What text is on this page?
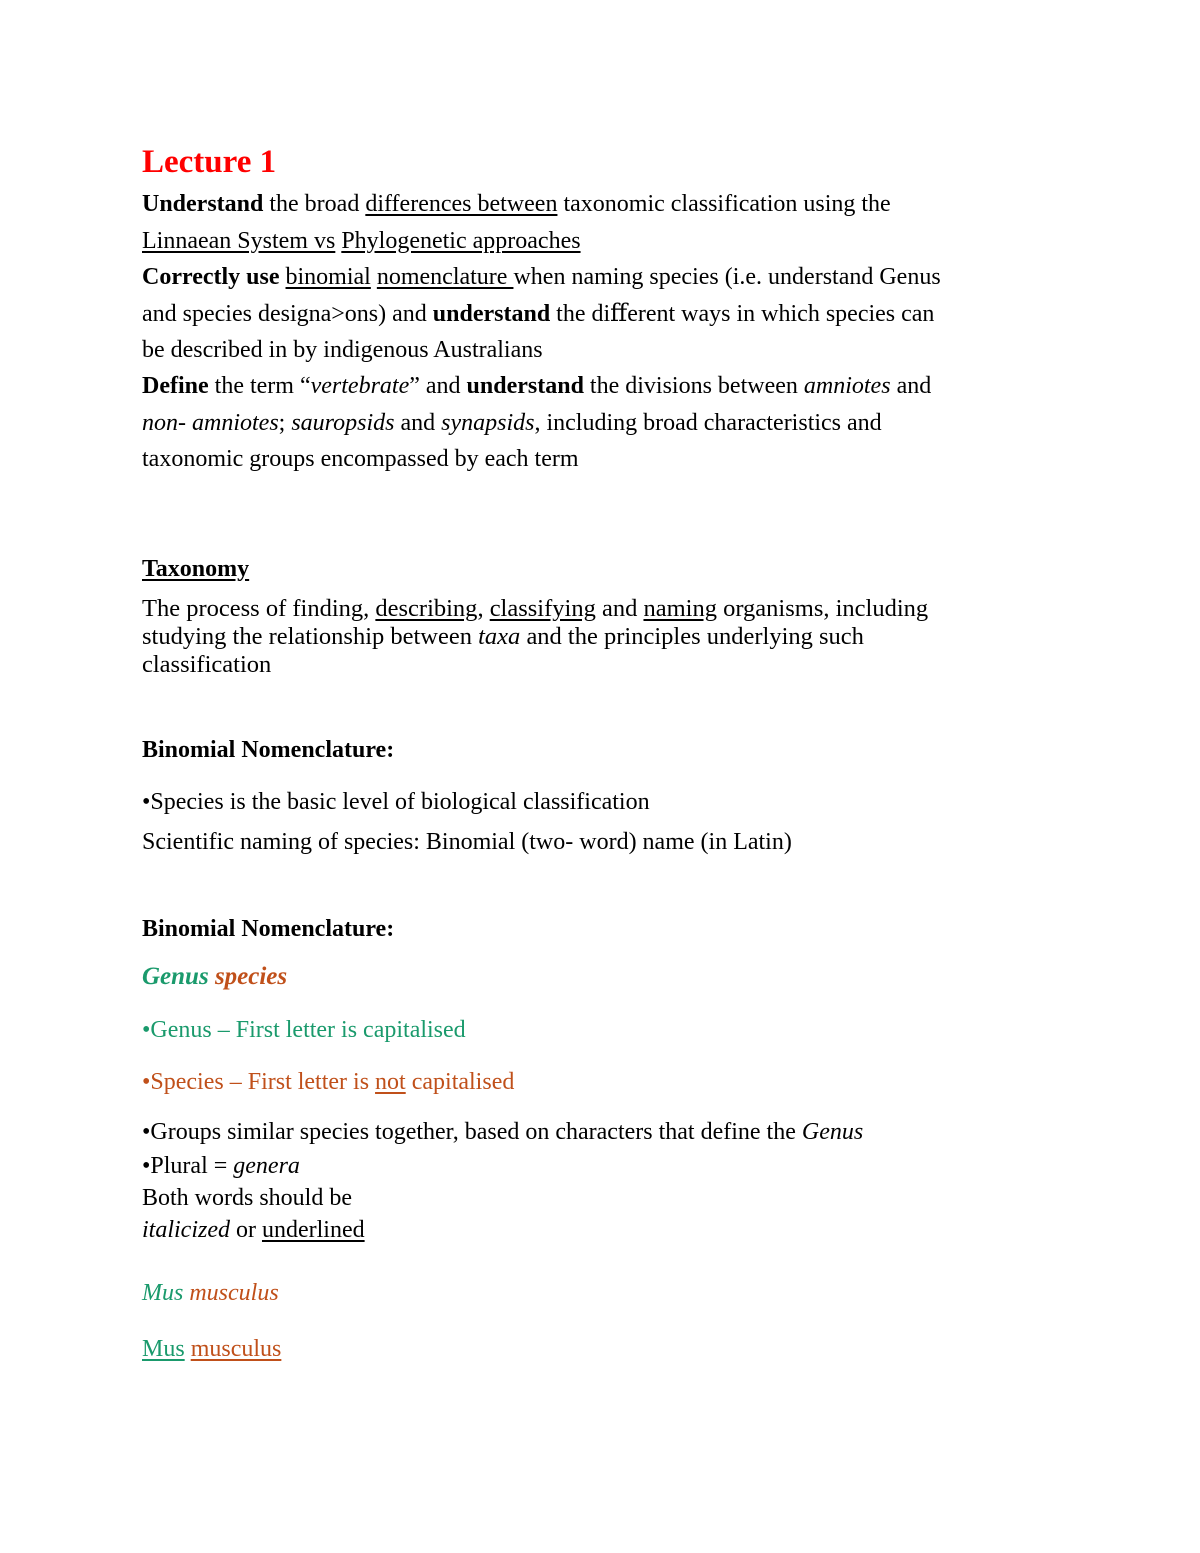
Lecture 1
Understand the broad differences between taxonomic classification using the
Linnaean System vs Phylogenetic approaches
Correctly use binomial nomenclature when naming species (i.e. understand Genus
and species designa>ons) and understand the diﬀerent ways in which species can
be described in by indigenous Australians
Define the term “vertebrate” and understand the divisions between amniotes and
non- amniotes; sauropsids and synapsids, including broad characteristics and
taxonomic groups encompassed by each term
Taxonomy
The process of finding, describing, classifying and naming organisms, including
studying the relationship between taxa and the principles underlying such
classification
Binomial Nomenclature:
•Species is the basic level of biological classification
Scientific naming of species: Binomial (two- word) name (in Latin)
Binomial Nomenclature:
Genus species
•Genus – First letter is capitalised
•Species – First letter is not capitalised
•Groups similar species together, based on characters that define the Genus
•Plural = genera
Both words should be
italicized or underlined
Mus musculus
Mus musculus
